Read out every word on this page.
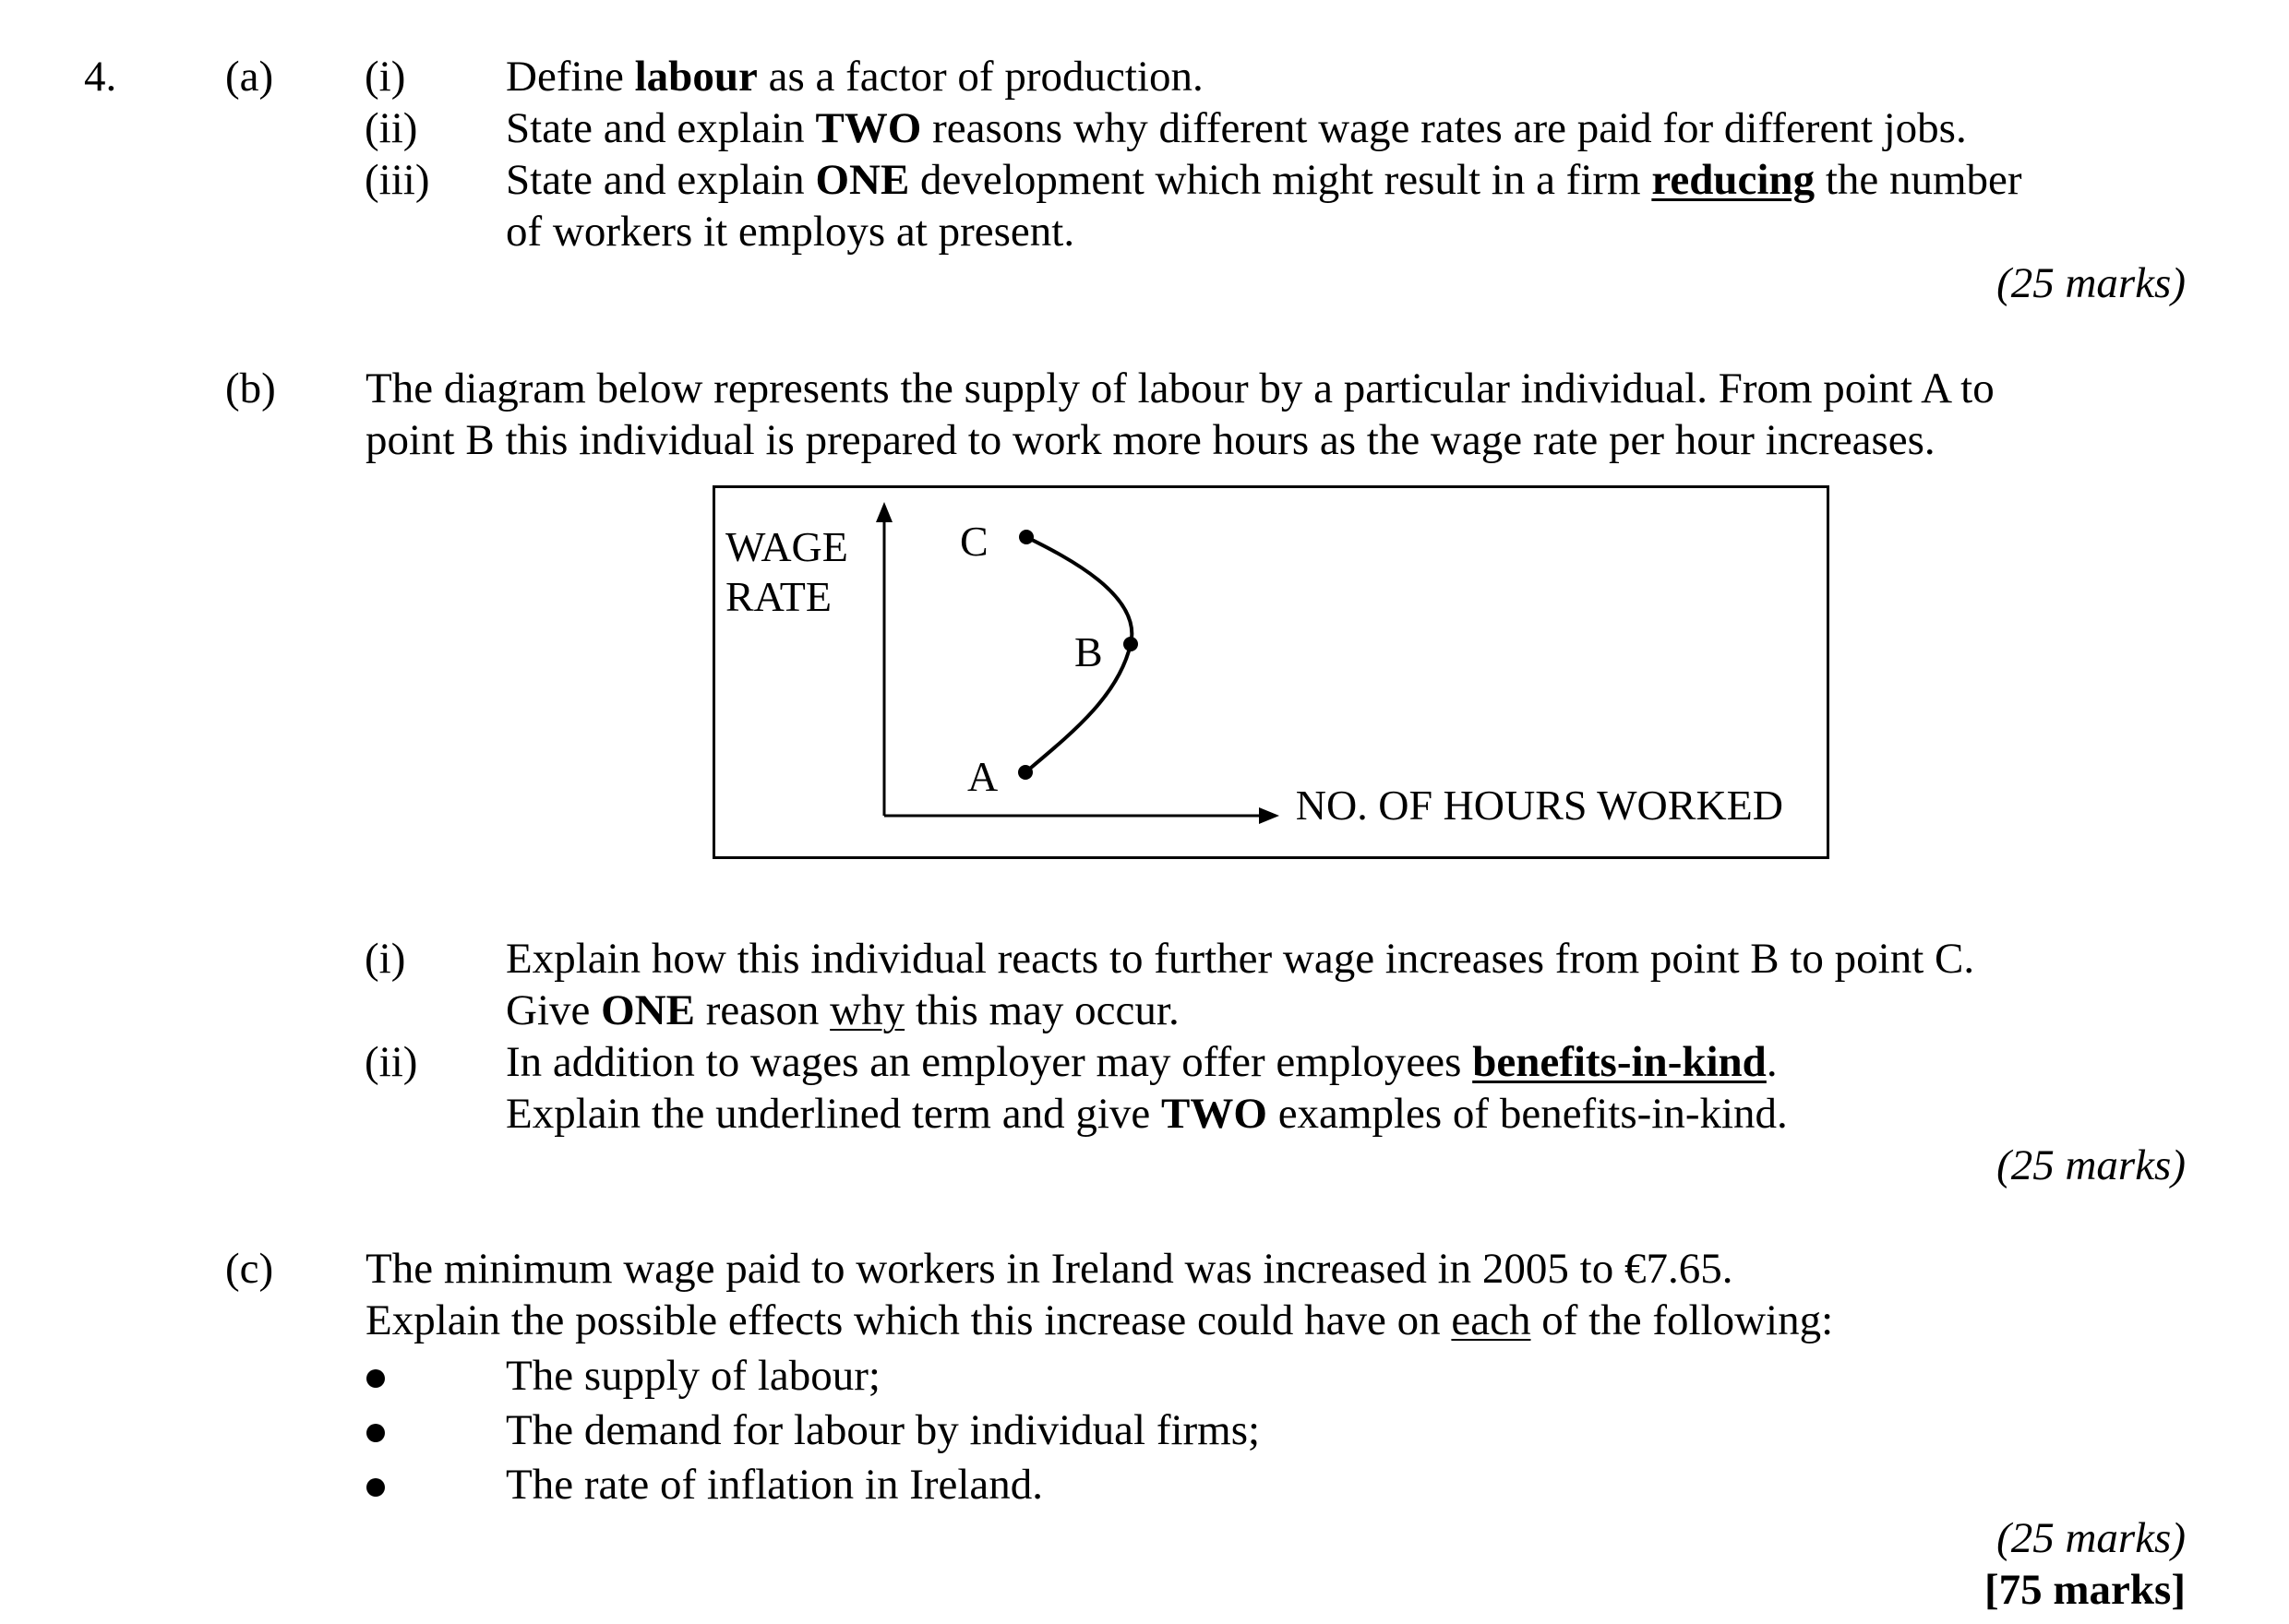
4.	(a) (i) Define labour as a factor of production.
(ii) State and explain TWO reasons why different wage rates are paid for different jobs.
(iii) State and explain ONE development which might result in a firm reducing the number
of workers it employs at present.
(25 marks)
(b) The diagram below represents the supply of labour by a particular individual. From point A to
point B this individual is prepared to work more hours as the wage rate per hour increases.
WAGE
RATE
NO. OF HOURS WORKED
A
B
C
(i) Explain how this individual reacts to further wage increases from point B to point C.
Give ONE reason why this may occur.
(ii) In addition to wages an employer may offer employees benefits-in-kind.
Explain the underlined term and give TWO examples of benefits-in-kind.
(25 marks)
(c) The minimum wage paid to workers in Ireland was increased in 2005 to €7.65.
Explain the possible effects which this increase could have on each of the following:
The supply of labour;
The demand for labour by individual firms;
The rate of inflation in Ireland.
(25 marks)
[75 marks]
